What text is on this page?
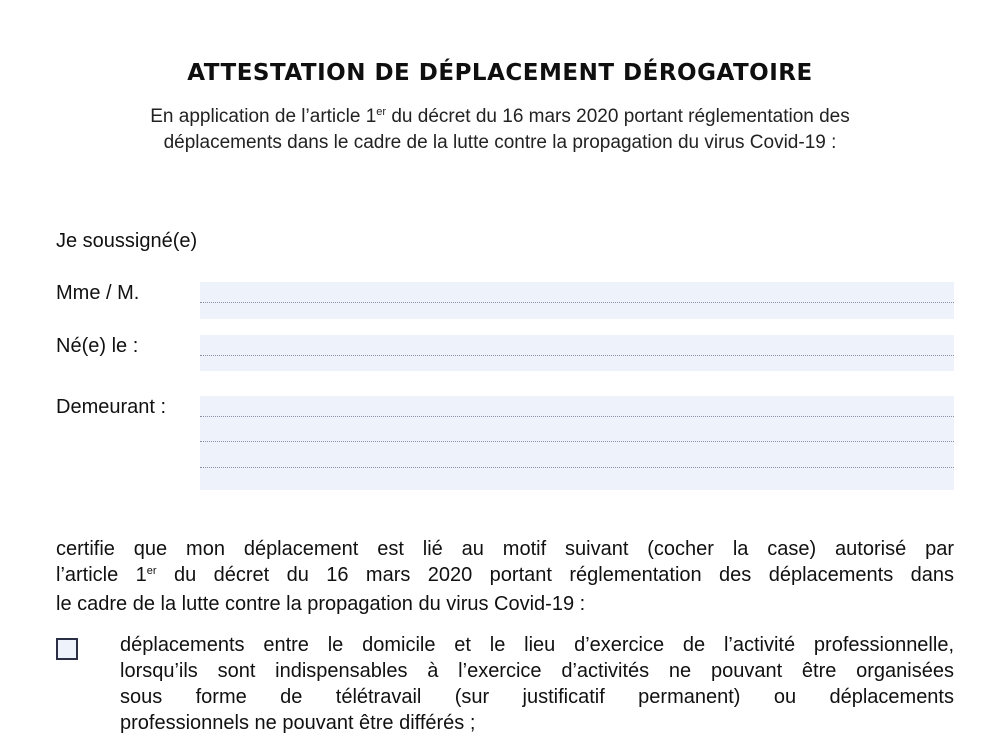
ATTESTATION DE DÉPLACEMENT DÉROGATOIRE
En application de l’article 1er du décret du 16 mars 2020 portant réglementation des
déplacements dans le cadre de la lutte contre la propagation du virus Covid-19 :
Je soussigné(e)
Mme / M.
Né(e) le :
Demeurant :
certifie que mon déplacement est lié au motif suivant (cocher la case) autorisé par
l’article 1er du décret du 16 mars 2020 portant réglementation des déplacements dans
le cadre de la lutte contre la propagation du virus Covid-19 :
déplacements entre le domicile et le lieu d’exercice de l’activité professionnelle,
lorsqu’ils sont indispensables à l’exercice d’activités ne pouvant être organisées
sous forme de télétravail (sur justificatif permanent) ou déplacements
professionnels ne pouvant être différés ;
